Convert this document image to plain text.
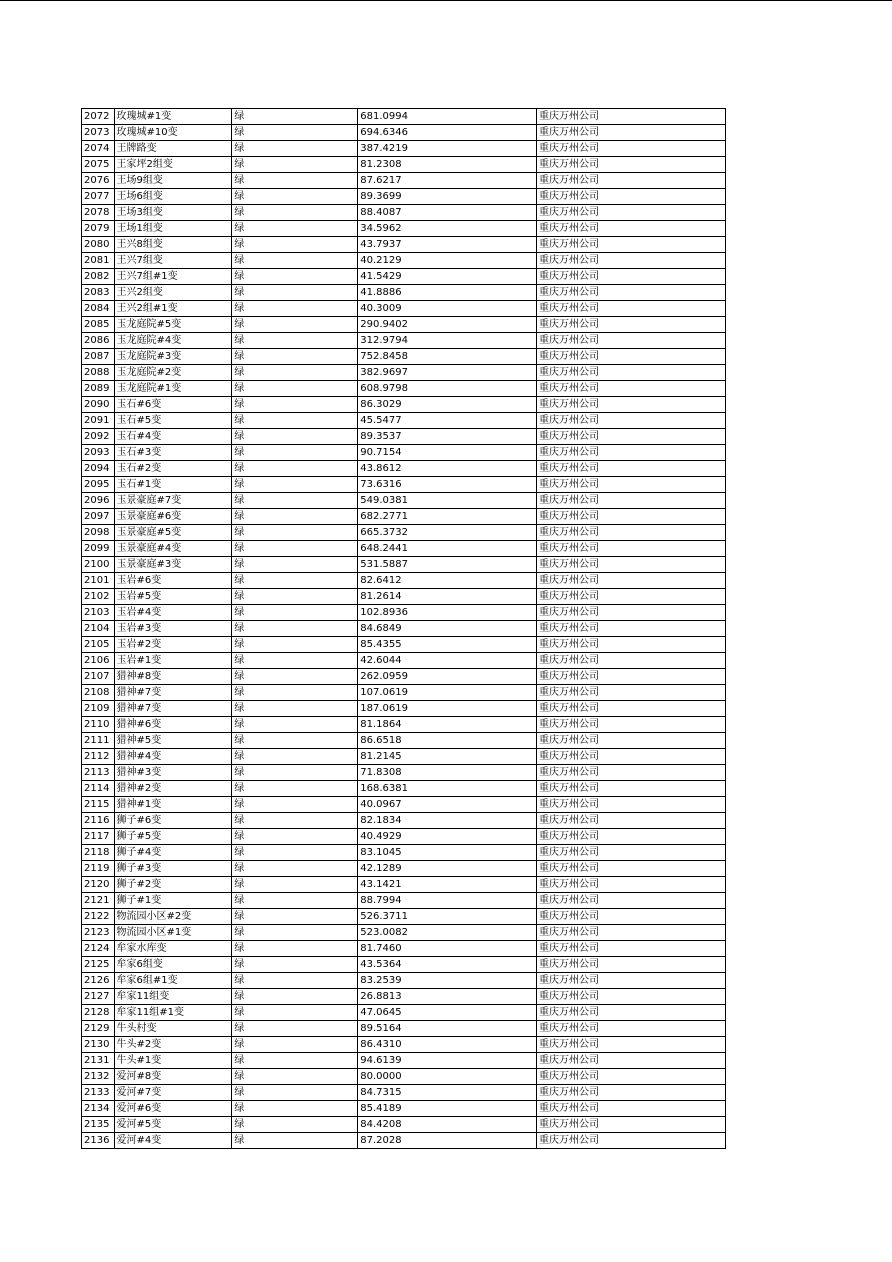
2072	玫瑰城#1变	绿	681.0994	重庆万州公司
2073	玫瑰城#10变	绿	694.6346	重庆万州公司
2074	王牌路变	绿	387.4219	重庆万州公司
2075	王家坪2组变	绿	81.2308	重庆万州公司
2076	王场9组变	绿	87.6217	重庆万州公司
2077	王场6组变	绿	89.3699	重庆万州公司
2078	王场3组变	绿	88.4087	重庆万州公司
2079	王场1组变	绿	34.5962	重庆万州公司
2080	王兴8组变	绿	43.7937	重庆万州公司
2081	王兴7组变	绿	40.2129	重庆万州公司
2082	王兴7组#1变	绿	41.5429	重庆万州公司
2083	王兴2组变	绿	41.8886	重庆万州公司
2084	王兴2组#1变	绿	40.3009	重庆万州公司
2085	玉龙庭院#5变	绿	290.9402	重庆万州公司
2086	玉龙庭院#4变	绿	312.9794	重庆万州公司
2087	玉龙庭院#3变	绿	752.8458	重庆万州公司
2088	玉龙庭院#2变	绿	382.9697	重庆万州公司
2089	玉龙庭院#1变	绿	608.9798	重庆万州公司
2090	玉石#6变	绿	86.3029	重庆万州公司
2091	玉石#5变	绿	45.5477	重庆万州公司
2092	玉石#4变	绿	89.3537	重庆万州公司
2093	玉石#3变	绿	90.7154	重庆万州公司
2094	玉石#2变	绿	43.8612	重庆万州公司
2095	玉石#1变	绿	73.6316	重庆万州公司
2096	玉景豪庭#7变	绿	549.0381	重庆万州公司
2097	玉景豪庭#6变	绿	682.2771	重庆万州公司
2098	玉景豪庭#5变	绿	665.3732	重庆万州公司
2099	玉景豪庭#4变	绿	648.2441	重庆万州公司
2100	玉景豪庭#3变	绿	531.5887	重庆万州公司
2101	玉岩#6变	绿	82.6412	重庆万州公司
2102	玉岩#5变	绿	81.2614	重庆万州公司
2103	玉岩#4变	绿	102.8936	重庆万州公司
2104	玉岩#3变	绿	84.6849	重庆万州公司
2105	玉岩#2变	绿	85.4355	重庆万州公司
2106	玉岩#1变	绿	42.6044	重庆万州公司
2107	猎神#8变	绿	262.0959	重庆万州公司
2108	猎神#7变	绿	107.0619	重庆万州公司
2109	猎神#7变	绿	187.0619	重庆万州公司
2110	猎神#6变	绿	81.1864	重庆万州公司
2111	猎神#5变	绿	86.6518	重庆万州公司
2112	猎神#4变	绿	81.2145	重庆万州公司
2113	猎神#3变	绿	71.8308	重庆万州公司
2114	猎神#2变	绿	168.6381	重庆万州公司
2115	猎神#1变	绿	40.0967	重庆万州公司
2116	狮子#6变	绿	82.1834	重庆万州公司
2117	狮子#5变	绿	40.4929	重庆万州公司
2118	狮子#4变	绿	83.1045	重庆万州公司
2119	狮子#3变	绿	42.1289	重庆万州公司
2120	狮子#2变	绿	43.1421	重庆万州公司
2121	狮子#1变	绿	88.7994	重庆万州公司
2122	物流园小区#2变	绿	526.3711	重庆万州公司
2123	物流园小区#1变	绿	523.0082	重庆万州公司
2124	牟家水库变	绿	81.7460	重庆万州公司
2125	牟家6组变	绿	43.5364	重庆万州公司
2126	牟家6组#1变	绿	83.2539	重庆万州公司
2127	牟家11组变	绿	26.8813	重庆万州公司
2128	牟家11组#1变	绿	47.0645	重庆万州公司
2129	牛头村变	绿	89.5164	重庆万州公司
2130	牛头#2变	绿	86.4310	重庆万州公司
2131	牛头#1变	绿	94.6139	重庆万州公司
2132	爱河#8变	绿	80.0000	重庆万州公司
2133	爱河#7变	绿	84.7315	重庆万州公司
2134	爱河#6变	绿	85.4189	重庆万州公司
2135	爱河#5变	绿	84.4208	重庆万州公司
2136	爱河#4变	绿	87.2028	重庆万州公司
